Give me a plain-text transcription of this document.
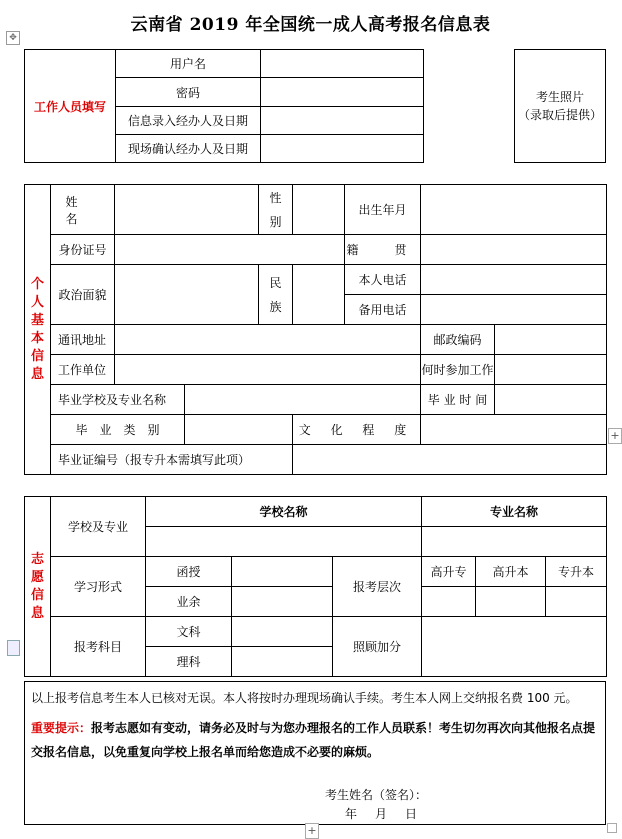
云南省 2019 年全国统一成人高考报名信息表
✥
工作人员填写	用户名	
	密码	
	信息录入经办人及日期	
	现场确认经办人及日期	
考生照片
（录取后提供）
个人基本信息	姓　名			性别		出生年月		
	身份证号					籍　贯		
	政治面貌			民族		本人电话		
						备用电话		
	通讯地址						邮政编码	
	工作单位						何时参加工作	
	毕业学校及专业名称						毕 业 时 间	
	毕　业　类　别				文 化 程 度			
	毕业证编号（报专升本需填写此项）							
志愿信息	学校及专业	学校名称			专业名称		

	学习形式	函授		报考层次	高升专	高升本	专升本
		业余					
	报考科目	文科		照顾加分			
		理科					

以上报考信息考生本人已核对无误。本人将按时办理现场确认手续。考生本人网上交纳报名费 100 元。

重要提示：报考志愿如有变动，请务必及时与为您办理报名的工作人员联系！考生切勿再次向其他报名点提交报名信息，以免重复向学校上报名单而给您造成不必要的麻烦。

考生姓名（签名）：

年　月　日

+
+
